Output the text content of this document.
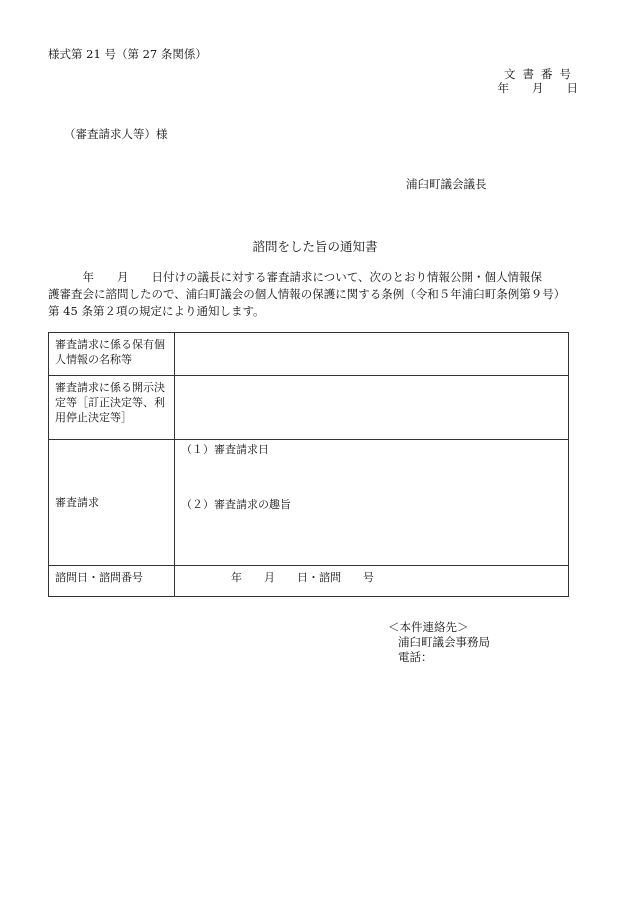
様式第 21 号（第 27 条関係）
文書番号
年　　月　　日
（審査請求人等）様
浦臼町議会議長
諮問をした旨の通知書

　　　年　　月　　日付けの議長に対する審査請求について、次のとおり情報公開・個人情報保

護審査会に諮問したので、浦臼町議会の個人情報の保護に関する条例（令和５年浦臼町条例第９号）

第 45 条第２項の規定により通知します。

審査請求に係る保有個人情報の名称等	
審査請求に係る開示決定等［訂正決定等、利用停止決定等］	
審査請求	（１）審査請求日
（２）審査請求の趣旨

諮問日・諮問番号	年　　月　　日・諮問　　号
＜本件連絡先＞
浦臼町議会事務局
電話：
